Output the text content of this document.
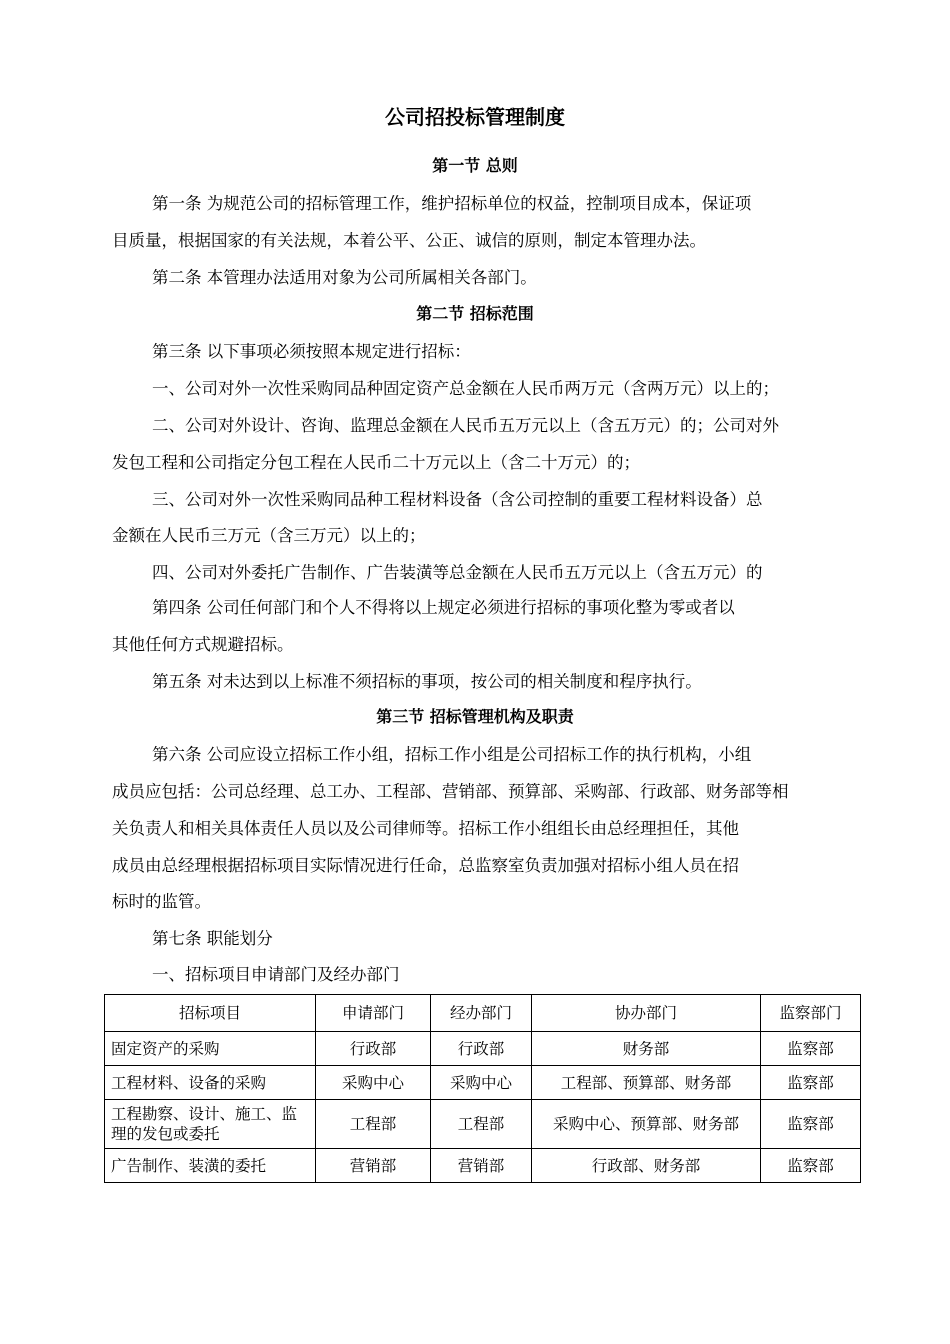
公司招投标管理制度
第一节 总则
第一条 为规范公司的招标管理工作，维护招标单位的权益，控制项目成本，保证项
目质量，根据国家的有关法规，本着公平、公正、诚信的原则，制定本管理办法。
第二条 本管理办法适用对象为公司所属相关各部门。
第二节 招标范围
第三条 以下事项必须按照本规定进行招标：
一、公司对外一次性采购同品种固定资产总金额在人民币两万元（含两万元）以上的；
二、公司对外设计、咨询、监理总金额在人民币五万元以上（含五万元）的；公司对外
发包工程和公司指定分包工程在人民币二十万元以上（含二十万元）的；
三、公司对外一次性采购同品种工程材料设备（含公司控制的重要工程材料设备）总
金额在人民币三万元（含三万元）以上的；
四、公司对外委托广告制作、广告装潢等总金额在人民币五万元以上（含五万元）的
第四条 公司任何部门和个人不得将以上规定必须进行招标的事项化整为零或者以
其他任何方式规避招标。
第五条 对未达到以上标准不须招标的事项，按公司的相关制度和程序执行。
第三节 招标管理机构及职责
第六条 公司应设立招标工作小组，招标工作小组是公司招标工作的执行机构，小组
成员应包括：公司总经理、总工办、工程部、营销部、预算部、采购部、行政部、财务部等相
关负责人和相关具体责任人员以及公司律师等。招标工作小组组长由总经理担任，其他
成员由总经理根据招标项目实际情况进行任命，总监察室负责加强对招标小组人员在招
标时的监管。
第七条 职能划分
一、招标项目申请部门及经办部门
招标项目	申请部门	经办部门	协办部门	监察部门
固定资产的采购	行政部	行政部	财务部	监察部
工程材料、设备的采购	采购中心	采购中心	工程部、预算部、财务部	监察部
工程勘察、设计、施工、监理的发包或委托	工程部	工程部	采购中心、预算部、财务部	监察部
广告制作、装潢的委托	营销部	营销部	行政部、财务部	监察部
